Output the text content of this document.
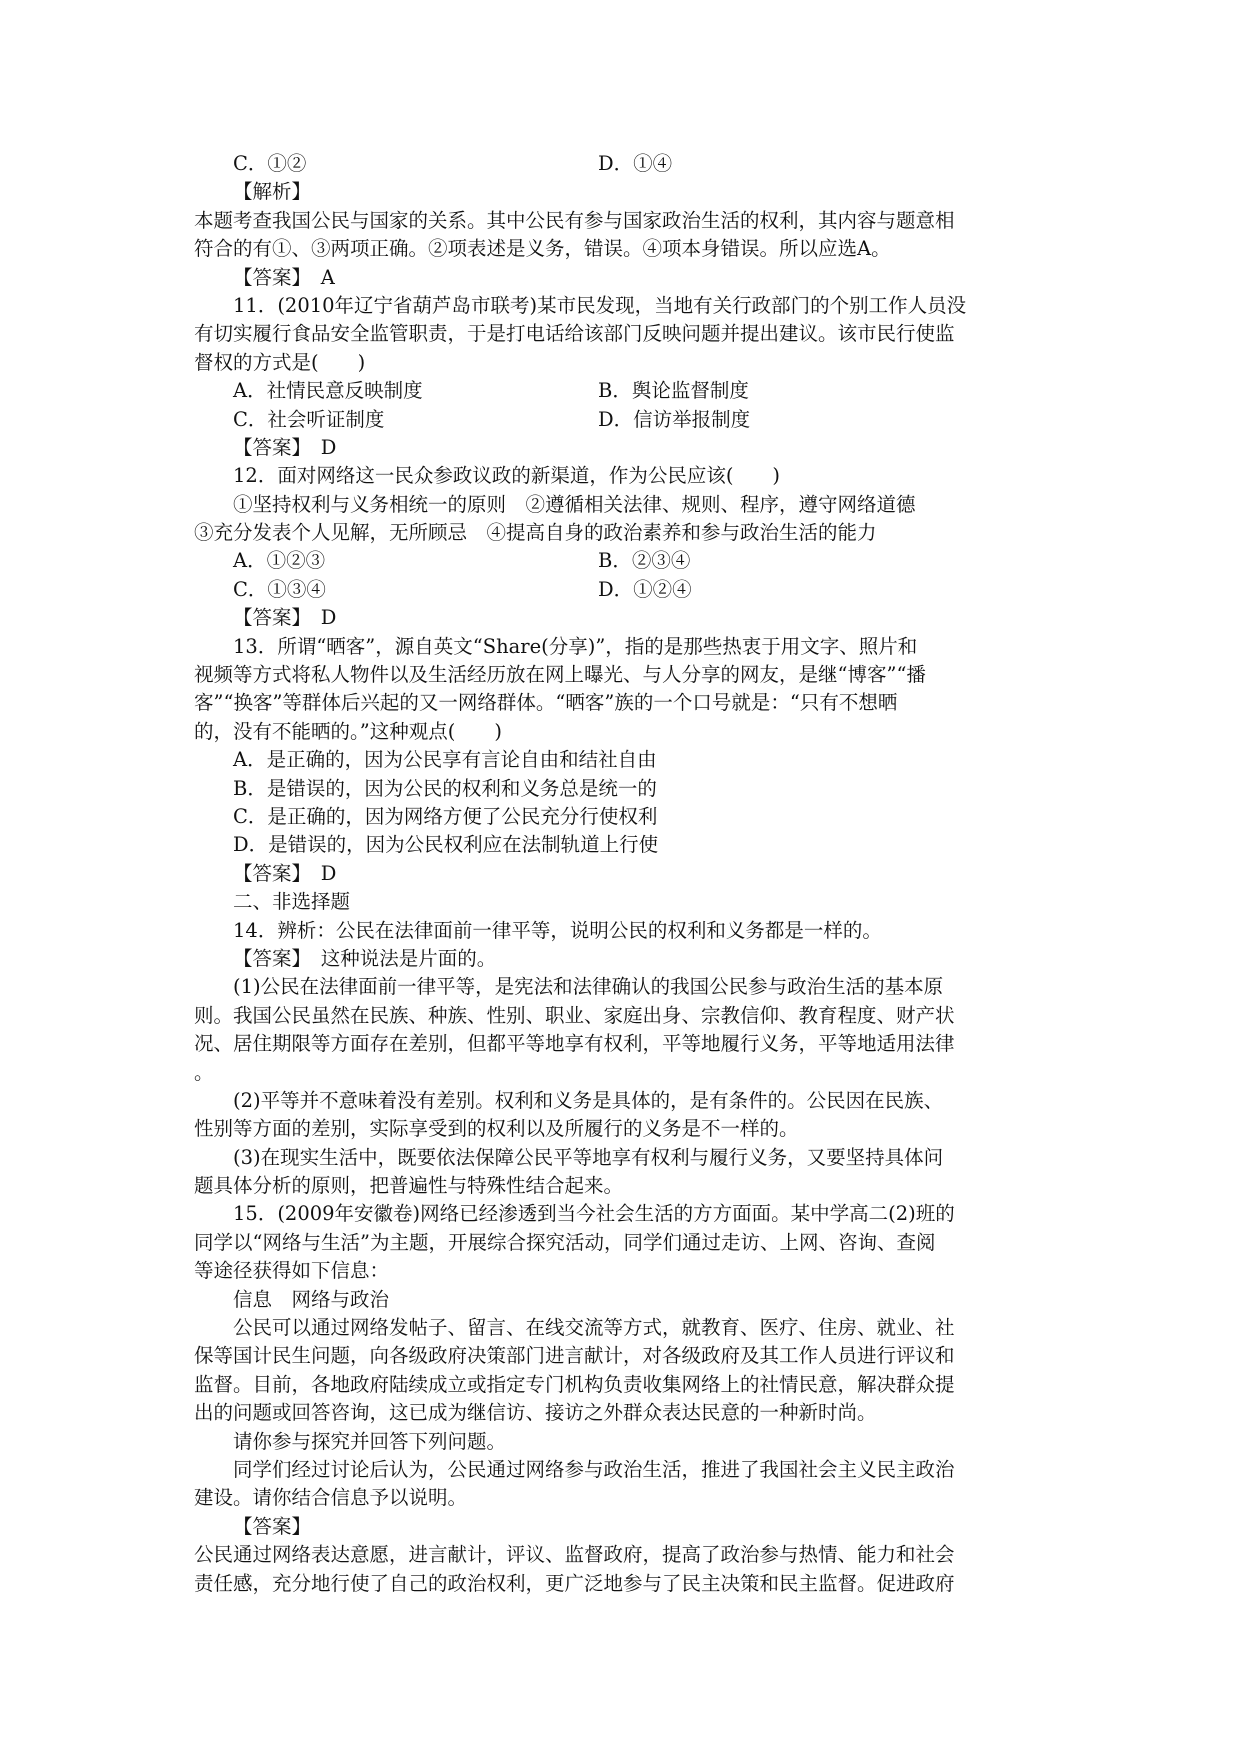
C．①②	D．①④
【解析】
本题考查我国公民与国家的关系。其中公民有参与国家政治生活的权利，其内容与题意相
符合的有①、③两项正确。②项表述是义务，错误。④项本身错误。所以应选A。
【答案】　A
11．(2010年辽宁省葫芦岛市联考)某市民发现，当地有关行政部门的个别工作人员没
有切实履行食品安全监管职责，于是打电话给该部门反映问题并提出建议。该市民行使监
督权的方式是(　　)
A．社情民意反映制度	B．舆论监督制度
C．社会听证制度	D．信访举报制度
【答案】　D
12．面对网络这一民众参政议政的新渠道，作为公民应该(　　)
①坚持权利与义务相统一的原则　②遵循相关法律、规则、程序，遵守网络道德
③充分发表个人见解，无所顾忌　④提高自身的政治素养和参与政治生活的能力
A．①②③	B．②③④
C．①③④	D．①②④
【答案】　D
13．所谓“晒客”，源自英文“Share(分享)”，指的是那些热衷于用文字、照片和
视频等方式将私人物件以及生活经历放在网上曝光、与人分享的网友，是继“博客”“播
客”“换客”等群体后兴起的又一网络群体。“晒客”族的一个口号就是：“只有不想晒
的，没有不能晒的。”这种观点(　　)
A．是正确的，因为公民享有言论自由和结社自由
B．是错误的，因为公民的权利和义务总是统一的
C．是正确的，因为网络方便了公民充分行使权利
D．是错误的，因为公民权利应在法制轨道上行使
【答案】　D
二、非选择题
14．辨析：公民在法律面前一律平等，说明公民的权利和义务都是一样的。
【答案】　这种说法是片面的。
(1)公民在法律面前一律平等，是宪法和法律确认的我国公民参与政治生活的基本原
则。我国公民虽然在民族、种族、性别、职业、家庭出身、宗教信仰、教育程度、财产状
况、居住期限等方面存在差别，但都平等地享有权利，平等地履行义务，平等地适用法律
。
(2)平等并不意味着没有差别。权利和义务是具体的，是有条件的。公民因在民族、
性别等方面的差别，实际享受到的权利以及所履行的义务是不一样的。
(3)在现实生活中，既要依法保障公民平等地享有权利与履行义务，又要坚持具体问
题具体分析的原则，把普遍性与特殊性结合起来。
15．(2009年安徽卷)网络已经渗透到当今社会生活的方方面面。某中学高二(2)班的
同学以“网络与生活”为主题，开展综合探究活动，同学们通过走访、上网、咨询、查阅
等途径获得如下信息：
信息　网络与政治
公民可以通过网络发帖子、留言、在线交流等方式，就教育、医疗、住房、就业、社
保等国计民生问题，向各级政府决策部门进言献计，对各级政府及其工作人员进行评议和
监督。目前，各地政府陆续成立或指定专门机构负责收集网络上的社情民意，解决群众提
出的问题或回答咨询，这已成为继信访、接访之外群众表达民意的一种新时尚。
请你参与探究并回答下列问题。
同学们经过讨论后认为，公民通过网络参与政治生活，推进了我国社会主义民主政治
建设。请你结合信息予以说明。
【答案】
公民通过网络表达意愿，进言献计，评议、监督政府，提高了政治参与热情、能力和社会
责任感，充分地行使了自己的政治权利，更广泛地参与了民主决策和民主监督。促进政府
